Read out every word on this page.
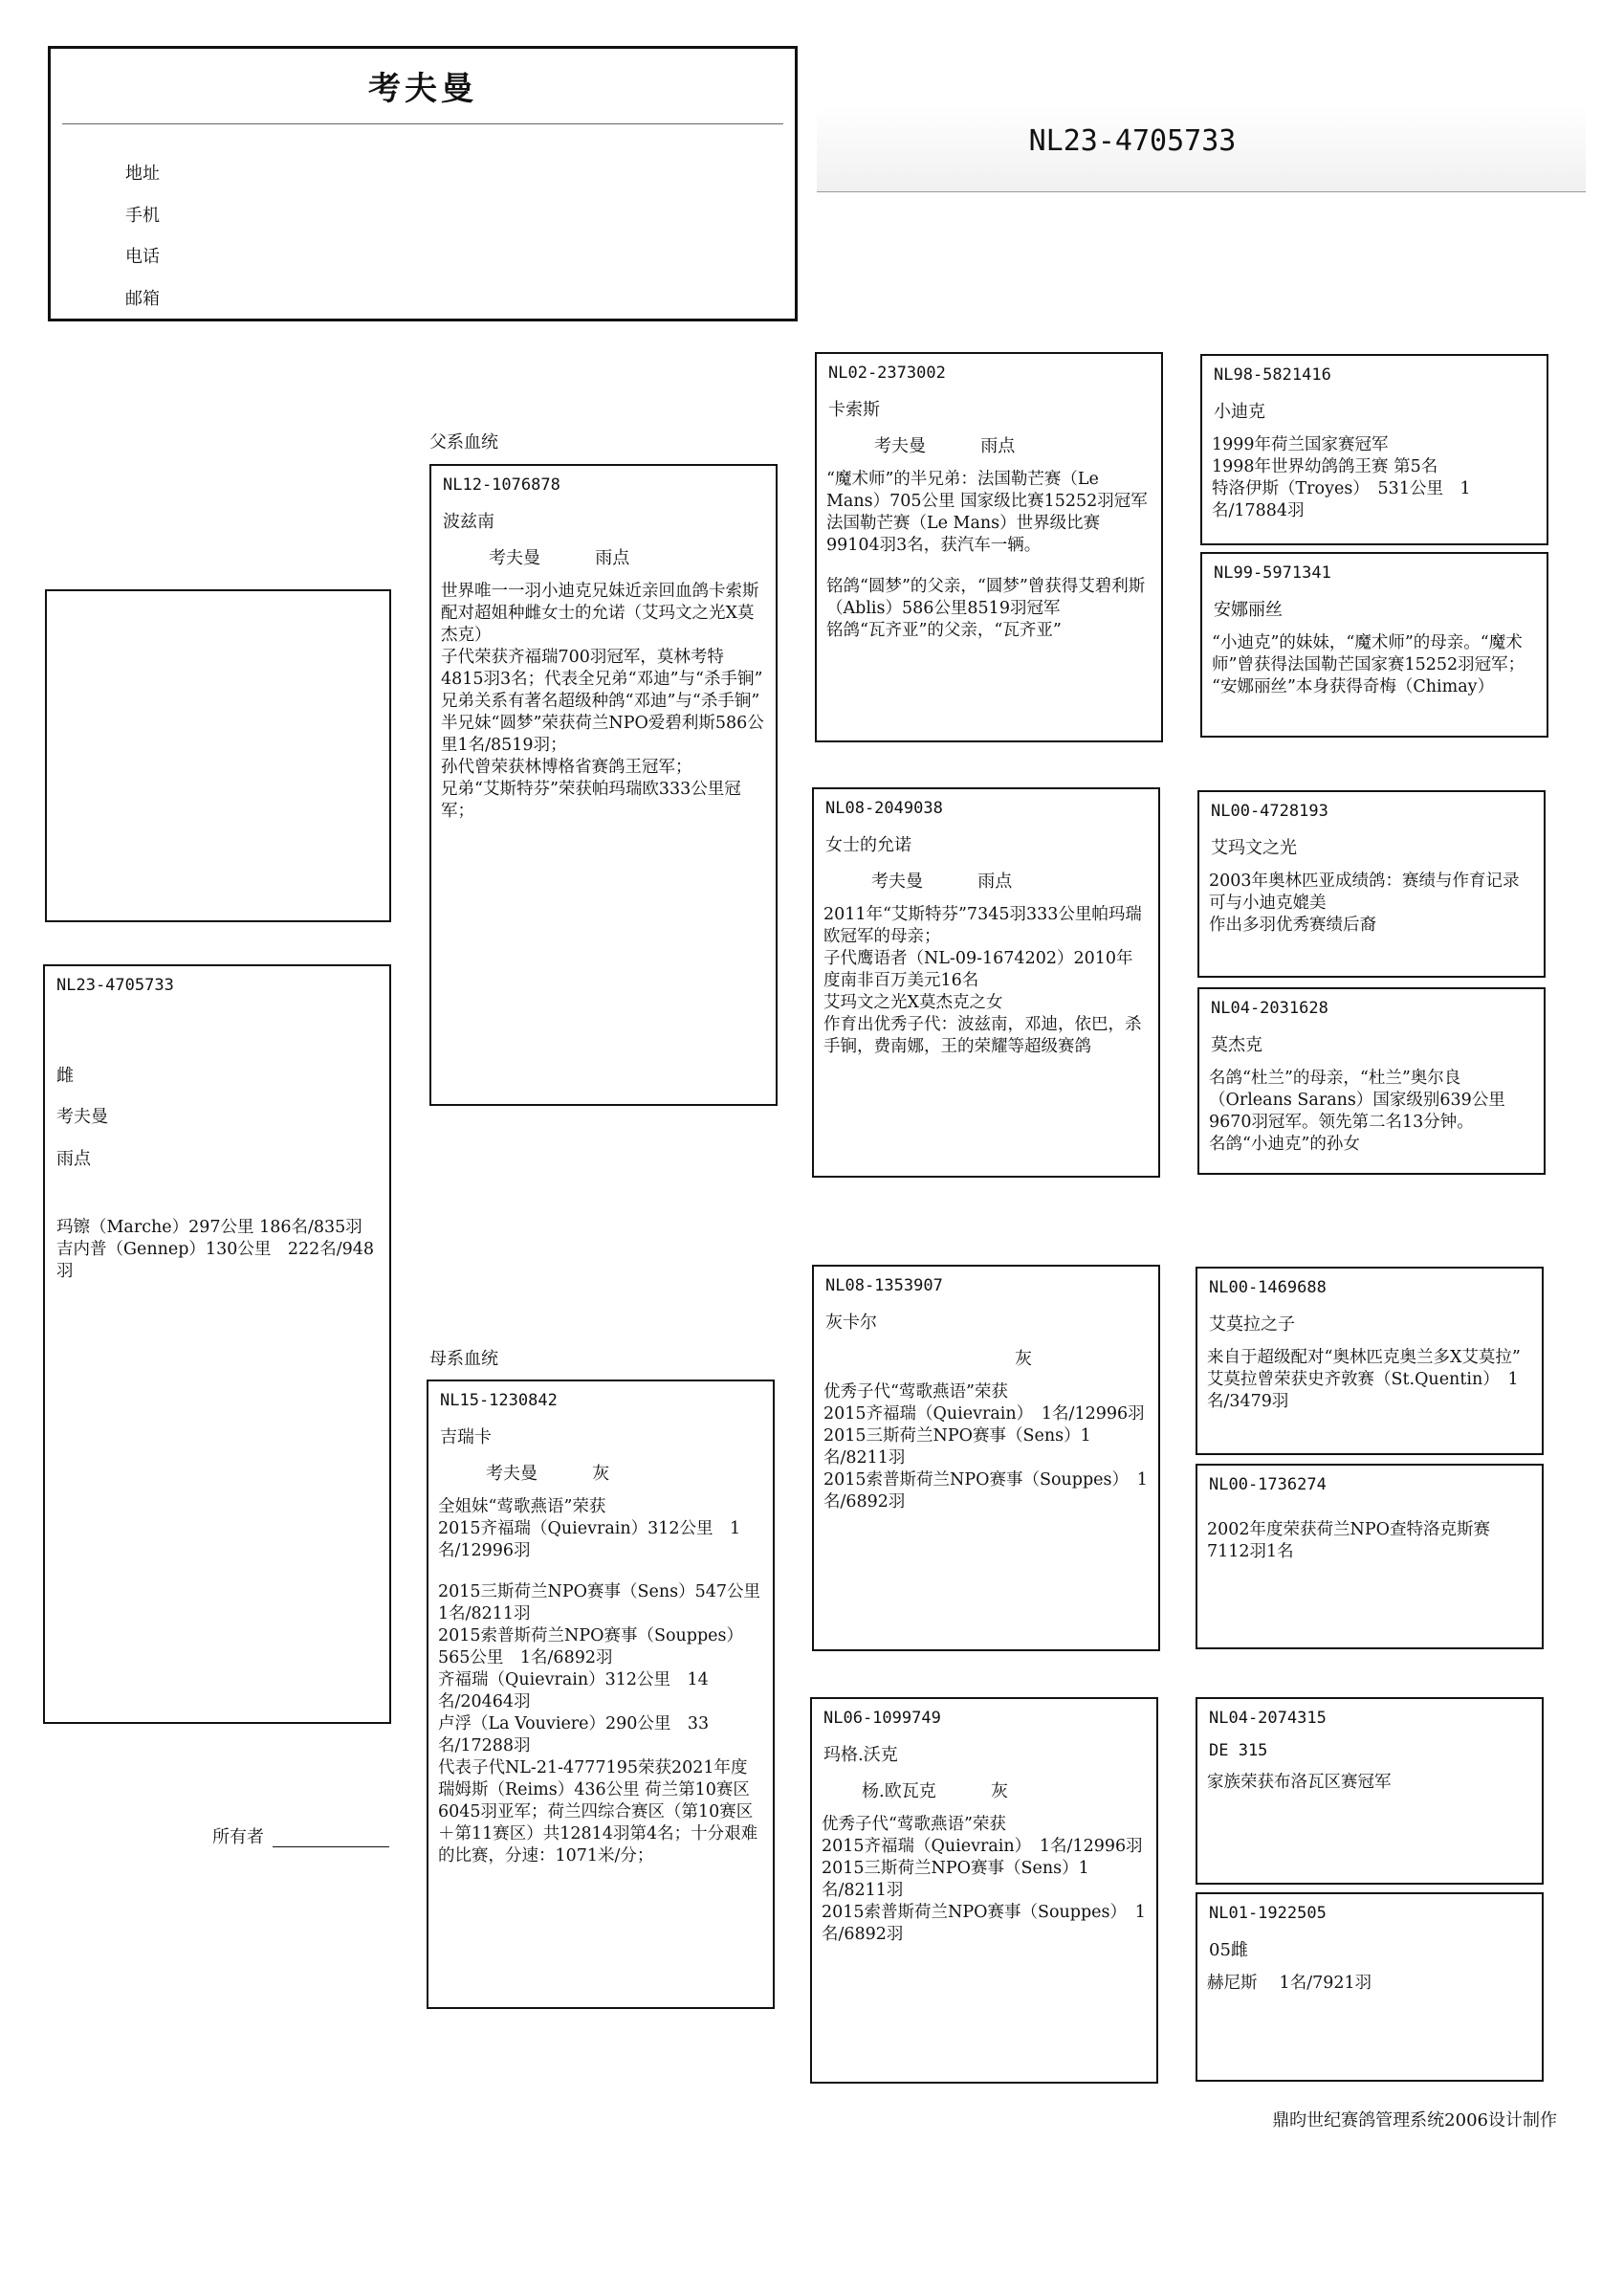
考夫曼
地址
手机
电话
邮箱
NL23-4705733
父系血统
母系血统
NL23-4705733
雌
考夫曼
雨点

玛镲（Marche）297公里 186名/835羽

吉内普（Gennep）130公里　222名/948羽

所有者
NL12-1076878
波兹南
考夫曼	雨点

世界唯一一羽小迪克兄妹近亲回血鸽卡索斯配对超姐种雌女士的允诺（艾玛文之光X莫杰克）

子代荣获齐福瑞700羽冠军，莫林考特4815羽3名；代表全兄弟“邓迪”与“杀手锏”

兄弟关系有著名超级种鸽“邓迪”与“杀手锏”

半兄妹“圆梦”荣获荷兰NPO爱碧利斯586公里1名/8519羽；

孙代曾荣获林博格省赛鸽王冠军；

兄弟“艾斯特芬”荣获帕玛瑞欧333公里冠军；

NL15-1230842
吉瑞卡
考夫曼	灰

全姐妹“莺歌燕语”荣获

2015齐福瑞（Quievrain）312公里　1名/12996羽

2015三斯荷兰NPO赛事（Sens）547公里 1名/8211羽

2015索普斯荷兰NPO赛事（Souppes）565公里　1名/6892羽

齐福瑞（Quievrain）312公里　14名/20464羽

卢浮（La Vouviere）290公里　33名/17288羽

代表子代NL-21-4777195荣获2021年度瑞姆斯（Reims）436公里 荷兰第10赛区6045羽亚军；荷兰四综合赛区（第10赛区＋第11赛区）共12814羽第4名；十分艰难的比赛，分速：1071米/分；

NL02-2373002
卡索斯
考夫曼	雨点

“魔术师”的半兄弟：法国勒芒赛（Le Mans）705公里 国家级比赛15252羽冠军

法国勒芒赛（Le Mans）世界级比赛99104羽3名，获汽车一辆。

铭鸽“圆梦”的父亲，“圆梦”曾获得艾碧利斯（Ablis）586公里8519羽冠军

铭鸽“瓦齐亚”的父亲，“瓦齐亚”

NL08-2049038
女士的允诺
考夫曼	雨点

2011年“艾斯特芬”7345羽333公里帕玛瑞欧冠军的母亲；

子代鹰语者（NL-09-1674202）2010年度南非百万美元16名

艾玛文之光X莫杰克之女

作育出优秀子代：波兹南，邓迪，依巴，杀手锏，费南娜，王的荣耀等超级赛鸽

NL08-1353907
灰卡尔
灰

优秀子代“莺歌燕语”荣获

2015齐福瑞（Quievrain）　1名/12996羽

2015三斯荷兰NPO赛事（Sens）1名/8211羽

2015索普斯荷兰NPO赛事（Souppes）　1名/6892羽

NL06-1099749
玛格.沃克
杨.欧瓦克	灰

优秀子代“莺歌燕语”荣获

2015齐福瑞（Quievrain）　1名/12996羽

2015三斯荷兰NPO赛事（Sens）1名/8211羽

2015索普斯荷兰NPO赛事（Souppes）　1名/6892羽

NL98-5821416
小迪克

1999年荷兰国家赛冠军

1998年世界幼鸽鸽王赛 第5名

特洛伊斯（Troyes）　531公里　1名/17884羽

NL99-5971341
安娜丽丝

“小迪克”的妹妹，“魔术师”的母亲。“魔术师”曾获得法国勒芒国家赛15252羽冠军；

“安娜丽丝”本身获得奇梅（Chimay）

NL00-4728193
艾玛文之光

2003年奥林匹亚成绩鸽：赛绩与作育记录可与小迪克媲美

作出多羽优秀赛绩后裔

NL04-2031628
莫杰克

名鸽“杜兰”的母亲，“杜兰”奥尔良（Orleans Sarans）国家级别639公里9670羽冠军。领先第二名13分钟。

名鸽“小迪克”的孙女

NL00-1469688
艾莫拉之子

来自于超级配对“奥林匹克奥兰多X艾莫拉”

艾莫拉曾荣获史齐敦赛（St.Quentin）　1名/3479羽

NL00-1736274

2002年度荣获荷兰NPO查特洛克斯赛7112羽1名

NL04-2074315
DE 315

家族荣获布洛瓦区赛冠军

NL01-1922505
05雌

赫尼斯　 1名/7921羽

鼎昀世纪赛鸽管理系统2006设计制作
